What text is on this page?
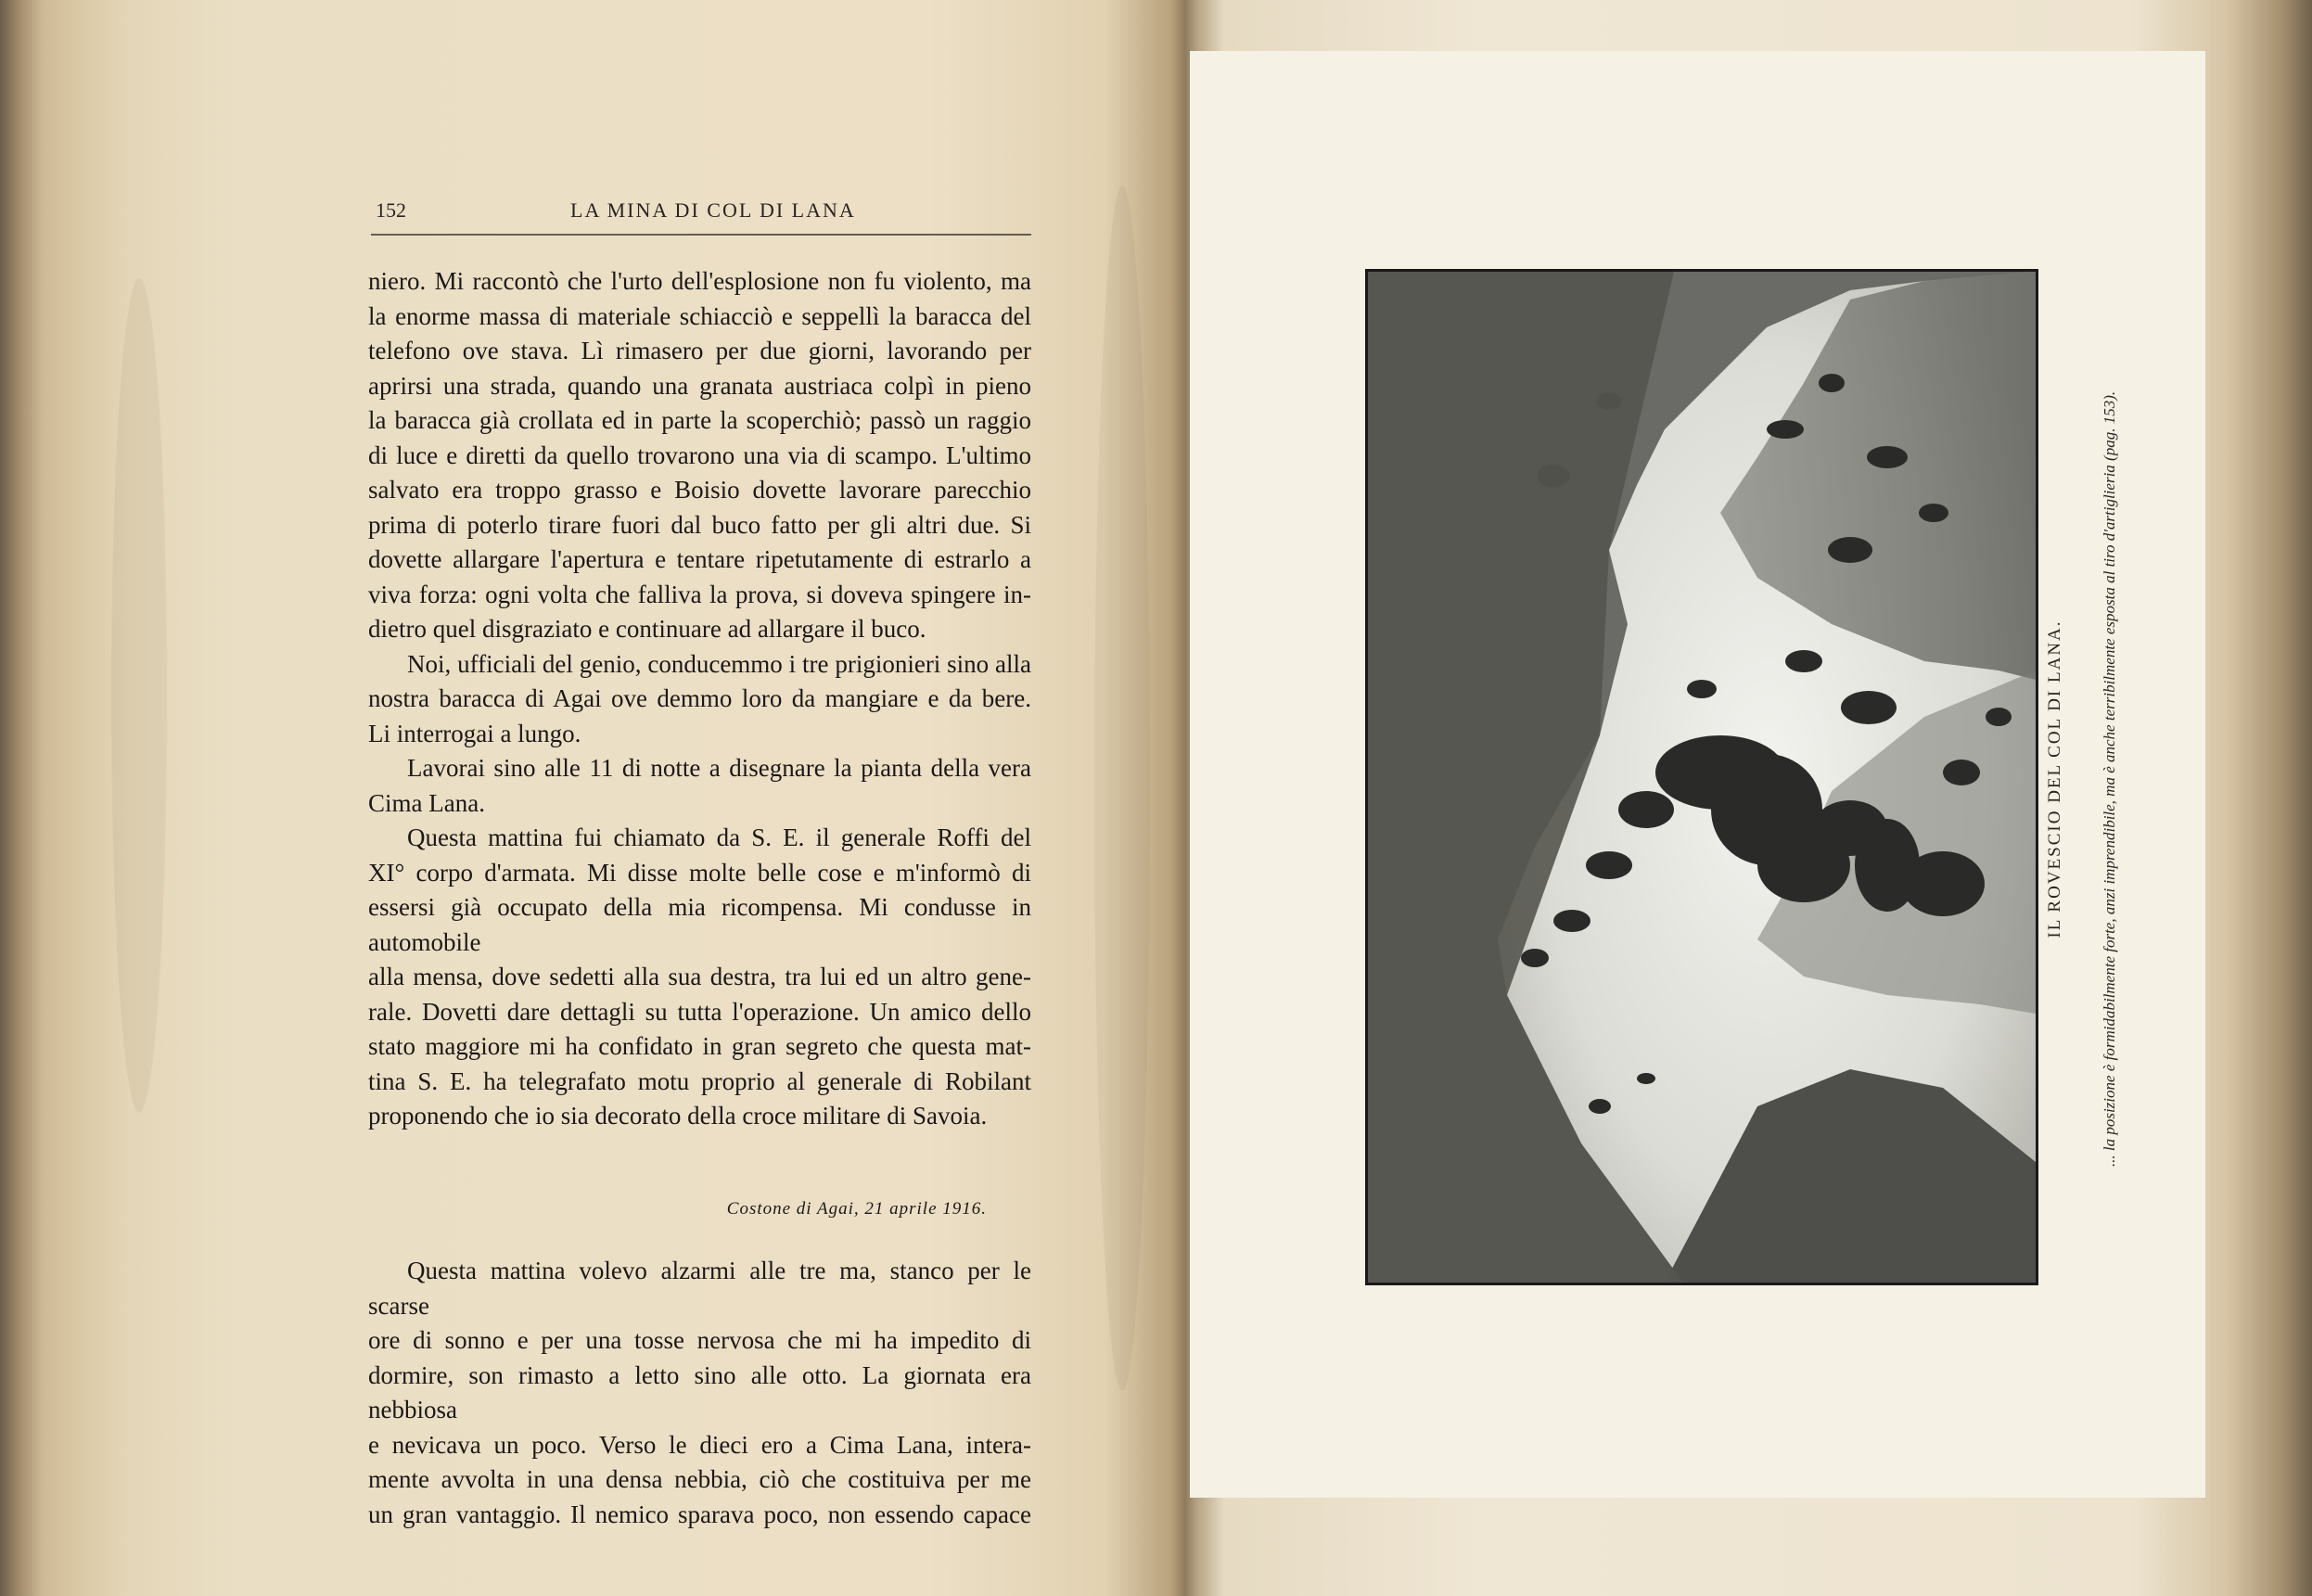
152	LA MINA DI COL DI LANA

niero. Mi raccontò che l'urto dell'esplosione non fu violento, ma

la enorme massa di materiale schiacciò e seppellì la baracca del

telefono ove stava. Lì rimasero per due giorni, lavorando per

aprirsi una strada, quando una granata austriaca colpì in pieno

la baracca già crollata ed in parte la scoperchiò; passò un raggio

di luce e diretti da quello trovarono una via di scampo. L'ultimo

salvato era troppo grasso e Boisio dovette lavorare parecchio

prima di poterlo tirare fuori dal buco fatto per gli altri due. Si

dovette allargare l'apertura e tentare ripetutamente di estrarlo a

viva forza: ogni volta che falliva la prova, si doveva spingere in-

dietro quel disgraziato e continuare ad allargare il buco.

Noi, ufficiali del genio, conducemmo i tre prigionieri sino alla

nostra baracca di Agai ove demmo loro da mangiare e da bere.

Li interrogai a lungo.

Lavorai sino alle 11 di notte a disegnare la pianta della vera

Cima Lana.

Questa mattina fui chiamato da S. E. il generale Roffi del

XI° corpo d'armata. Mi disse molte belle cose e m'informò di

essersi già occupato della mia ricompensa. Mi condusse in automobile

alla mensa, dove sedetti alla sua destra, tra lui ed un altro gene-

rale. Dovetti dare dettagli su tutta l'operazione. Un amico dello

stato maggiore mi ha confidato in gran segreto che questa mat-

tina S. E. ha telegrafato motu proprio al generale di Robilant

proponendo che io sia decorato della croce militare di Savoia.

Costone di Agai, 21 aprile 1916.

Questa mattina volevo alzarmi alle tre ma, stanco per le scarse

ore di sonno e per una tosse nervosa che mi ha impedito di

dormire, son rimasto a letto sino alle otto. La giornata era nebbiosa

e nevicava un poco. Verso le dieci ero a Cima Lana, intera-

mente avvolta in una densa nebbia, ciò che costituiva per me

un gran vantaggio. Il nemico sparava poco, non essendo capace

IL ROVESCIO DEL COL DI LANA. ... la posizione è formidabilmente forte, anzi imprendibile, ma è anche terribilmente esposta al tiro d'artiglieria (pag. 153).
